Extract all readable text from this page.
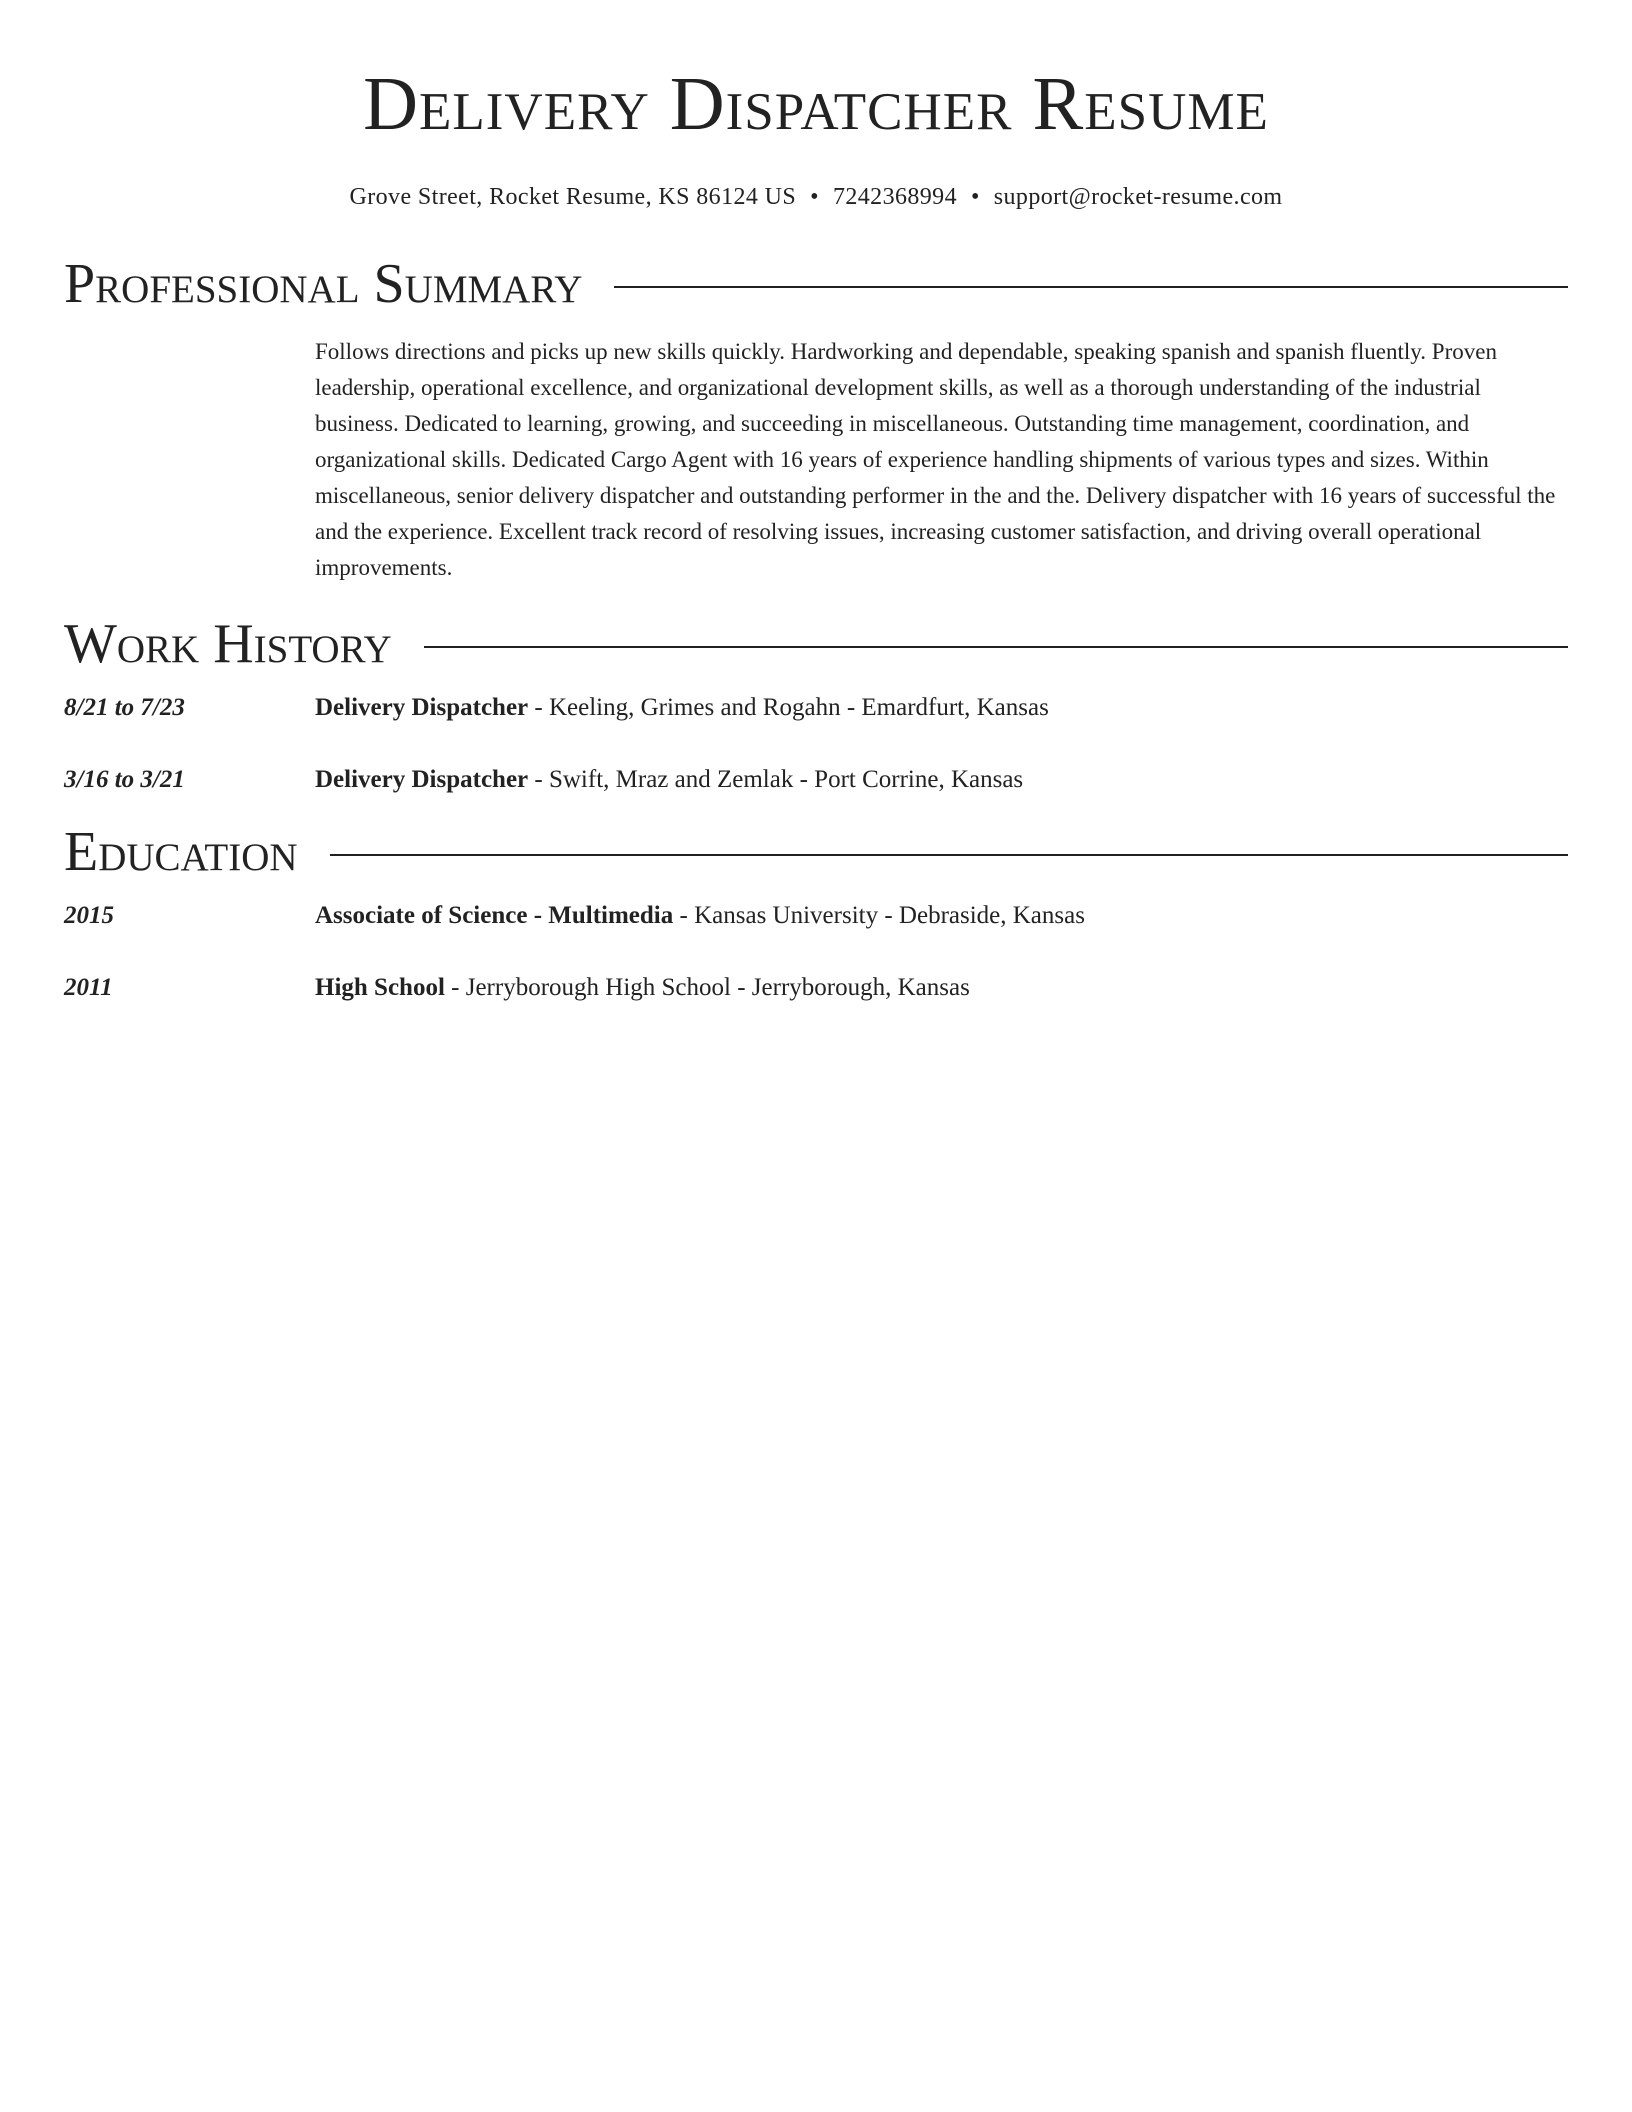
Delivery Dispatcher Resume
Grove Street, Rocket Resume, KS 86124 US • 7242368994 • support@rocket-resume.com
Professional Summary

Follows directions and picks up new skills quickly. Hardworking and dependable, speaking spanish and spanish fluently. Proven leadership, operational excellence, and organizational development skills, as well as a thorough understanding of the industrial business. Dedicated to learning, growing, and succeeding in miscellaneous. Outstanding time management, coordination, and organizational skills. Dedicated Cargo Agent with 16 years of experience handling shipments of various types and sizes. Within miscellaneous, senior delivery dispatcher and outstanding performer in the and the. Delivery dispatcher with 16 years of successful the and the experience. Excellent track record of resolving issues, increasing customer satisfaction, and driving overall operational improvements.

Work History
8/21 to 7/23	Delivery Dispatcher - Keeling, Grimes and Rogahn - Emardfurt, Kansas
3/16 to 3/21	Delivery Dispatcher - Swift, Mraz and Zemlak - Port Corrine, Kansas
Education
2015	Associate of Science - Multimedia - Kansas University - Debraside, Kansas
2011	High School - Jerryborough High School - Jerryborough, Kansas
